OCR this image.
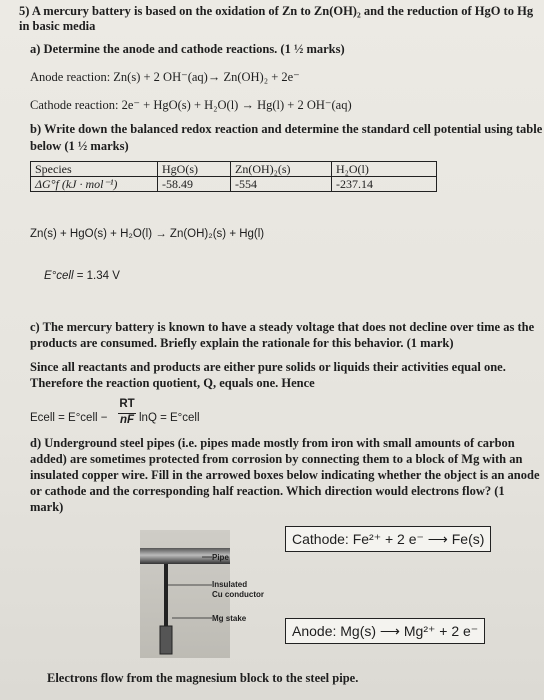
5) A mercury battery is based on the oxidation of Zn to Zn(OH)₂ and the reduction of HgO to Hg
in basic media
a) Determine the anode and cathode reactions. (1 ½ marks)
Anode reaction: Zn(s) + 2 OH⁻(aq)→ Zn(OH)₂ + 2e⁻
Cathode reaction: 2e⁻ + HgO(s) + H₂O(l) → Hg(l) + 2 OH⁻(aq)
b) Write down the balanced redox reaction and determine the standard cell potential using table
below (1 ½ marks)
Species	HgO(s)	Zn(OH)₂(s)	H₂O(l)
ΔG°f (kJ · mol⁻¹)	-58.49	-554	-237.14
Zn(s) + HgO(s) + H₂O(l) → Zn(OH)₂(s) + Hg(l)
E°cell = 1.34 V
c) The mercury battery is known to have a steady voltage that does not decline over time as the
products are consumed. Briefly explain the rationale for this behavior. (1 mark)
Since all reactants and products are either pure solids or liquids their activities equal one.
Therefore the reaction quotient, Q, equals one. Hence
Ecell = E°cell −
RT
nF lnQ = E°cell
d) Underground steel pipes (i.e. pipes made mostly from iron with small amounts of carbon
added) are sometimes protected from corrosion by connecting them to a block of Mg with an
insulated copper wire. Fill in the arrowed boxes below indicating whether the object is an anode
or cathode and the corresponding half reaction. Which direction would electrons flow? (1
mark)
Pipe
Insulated
Cu conductor
Mg stake
Cathode: Fe²⁺ + 2 e⁻ ⟶ Fe(s)
Anode: Mg(s) ⟶ Mg²⁺ + 2 e⁻
Electrons flow from the magnesium block to the steel pipe.
